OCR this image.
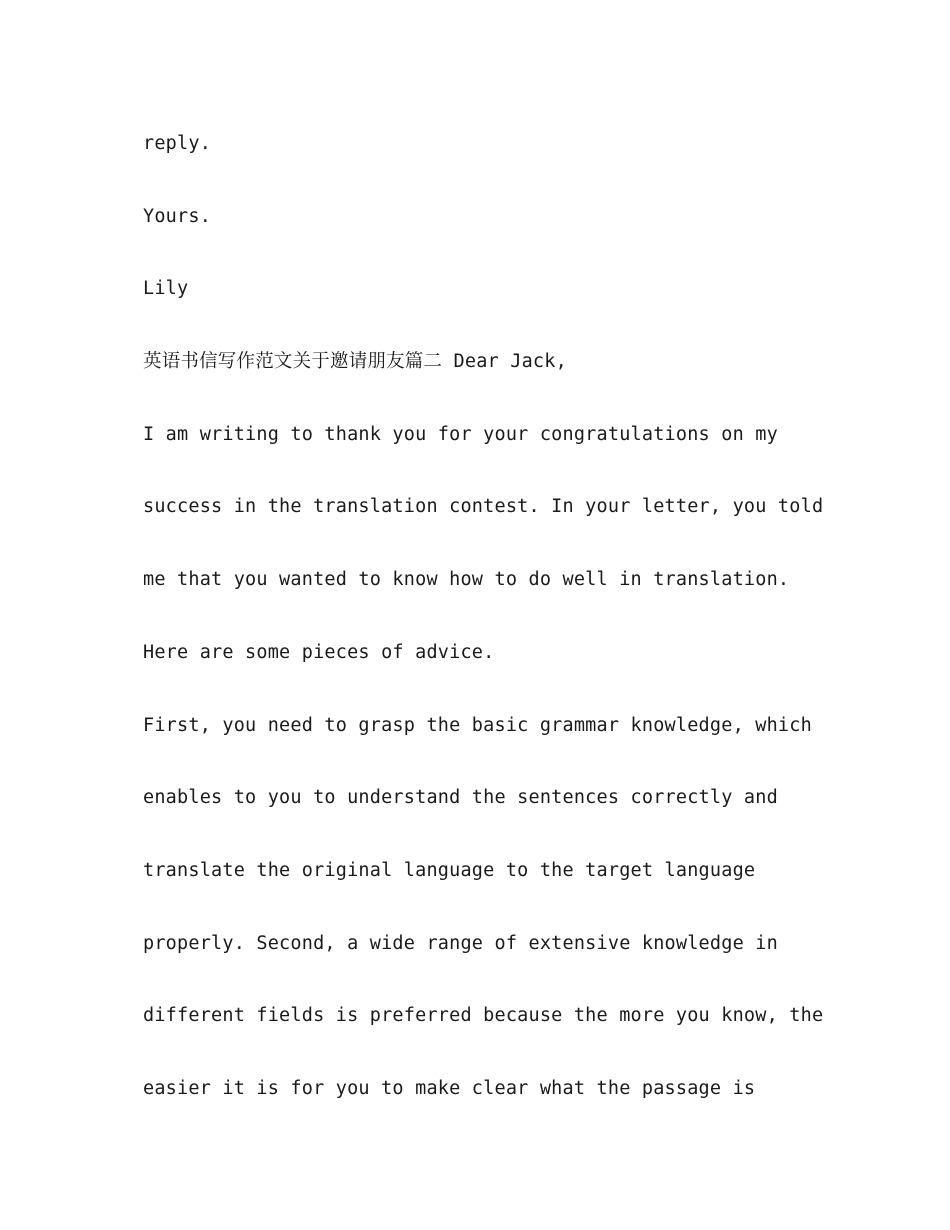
reply.
Yours.
Lily
英语书信写作范文关于邀请朋友篇二 Dear Jack,
I am writing to thank you for your congratulations on my
success in the translation contest. In your letter, you told
me that you wanted to know how to do well in translation.
Here are some pieces of advice.
First, you need to grasp the basic grammar knowledge, which
enables to you to understand the sentences correctly and
translate the original language to the target language
properly. Second, a wide range of extensive knowledge in
different fields is preferred because the more you know, the
easier it is for you to make clear what the passage is
